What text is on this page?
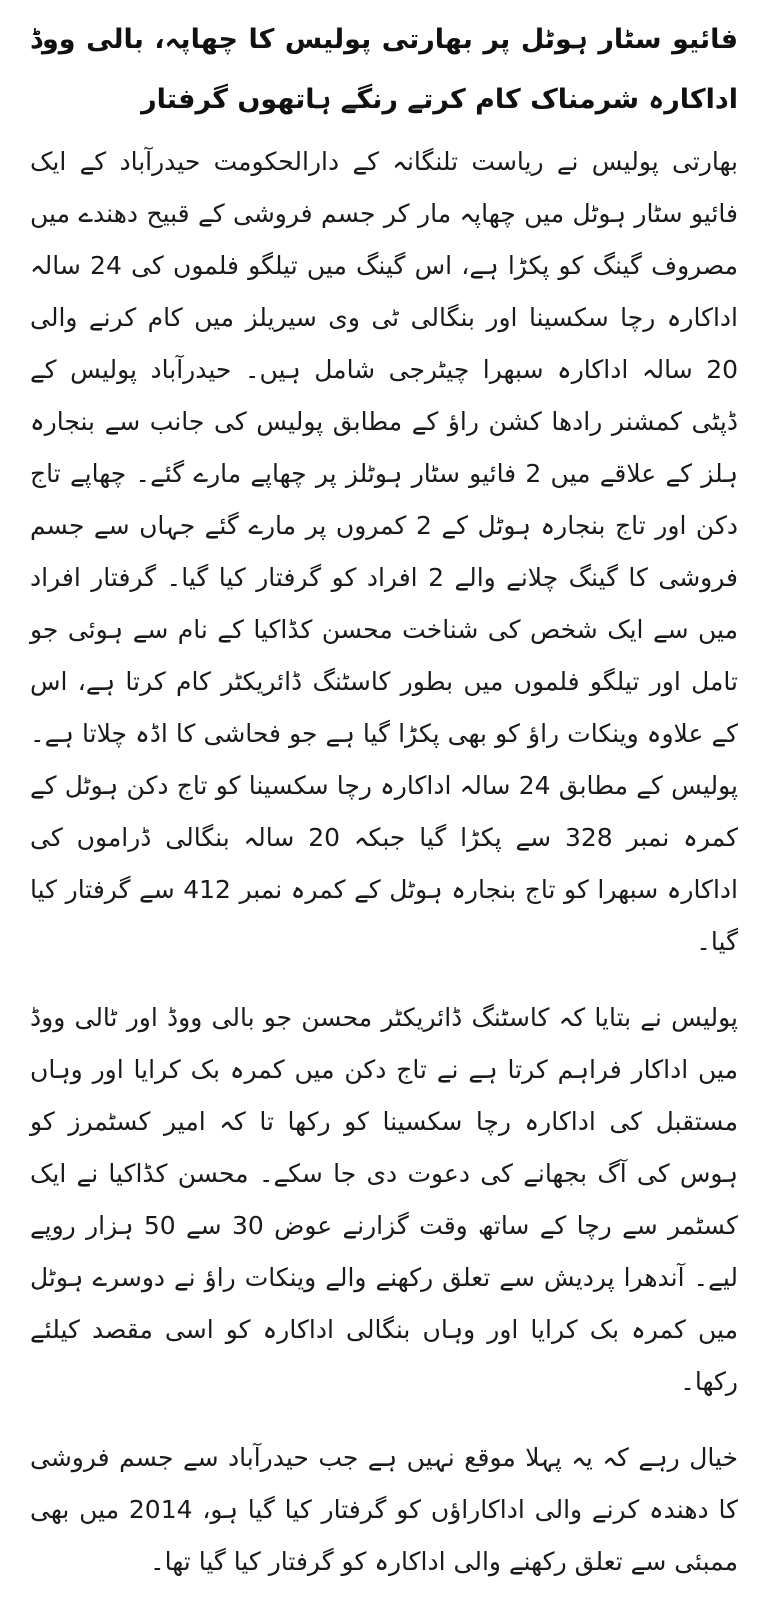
فائیو سٹار ہوٹل پر بھارتی پولیس کا چھاپہ، بالی ووڈ اداکارہ شرمناک کام کرتے رنگے ہاتھوں گرفتار

بھارتی پولیس نے ریاست تلنگانہ کے دارالحکومت حیدرآباد کے ایک فائیو سٹار ہوٹل میں چھاپہ مار کر جسم فروشی کے قبیح دھندے میں مصروف گینگ کو پکڑا ہے، اس گینگ میں تیلگو فلموں کی 24 سالہ اداکارہ رچا سکسینا اور بنگالی ٹی وی سیریلز میں کام کرنے والی 20 سالہ اداکارہ سبھرا چیٹرجی شامل ہیں۔ حیدرآباد پولیس کے ڈپٹی کمشنر رادھا کشن راؤ کے مطابق پولیس کی جانب سے بنجارہ ہلز کے علاقے میں 2 فائیو سٹار ہوٹلز پر چھاپے مارے گئے۔ چھاپے تاج دکن اور تاج بنجارہ ہوٹل کے 2 کمروں پر مارے گئے جہاں سے جسم فروشی کا گینگ چلانے والے 2 افراد کو گرفتار کیا گیا۔ گرفتار افراد میں سے ایک شخص کی شناخت محسن کڈاکیا کے نام سے ہوئی جو تامل اور تیلگو فلموں میں بطور کاسٹنگ ڈائریکٹر کام کرتا ہے، اس کے علاوہ وینکات راؤ کو بھی پکڑا گیا ہے جو فحاشی کا اڈہ چلاتا ہے۔ پولیس کے مطابق 24 سالہ اداکارہ رچا سکسینا کو تاج دکن ہوٹل کے کمرہ نمبر 328 سے پکڑا گیا جبکہ 20 سالہ بنگالی ڈراموں کی اداکارہ سبھرا کو تاج بنجارہ ہوٹل کے کمرہ نمبر 412 سے گرفتار کیا گیا۔

پولیس نے بتایا کہ کاسٹنگ ڈائریکٹر محسن جو بالی ووڈ اور ٹالی ووڈ میں اداکار فراہم کرتا ہے نے تاج دکن میں کمرہ بک کرایا اور وہاں مستقبل کی اداکارہ رچا سکسینا کو رکھا تا کہ امیر کسٹمرز کو ہوس کی آگ بجھانے کی دعوت دی جا سکے۔ محسن کڈاکیا نے ایک کسٹمر سے رچا کے ساتھ وقت گزارنے عوض 30 سے 50 ہزار روپے لیے۔ آندھرا پردیش سے تعلق رکھنے والے وینکات راؤ نے دوسرے ہوٹل میں کمرہ بک کرایا اور وہاں بنگالی اداکارہ کو اسی مقصد کیلئے رکھا۔

خیال رہے کہ یہ پہلا موقع نہیں ہے جب حیدرآباد سے جسم فروشی کا دھندہ کرنے والی اداکاراؤں کو گرفتار کیا گیا ہو، 2014 میں بھی ممبئی سے تعلق رکھنے والی اداکارہ کو گرفتار کیا گیا تھا۔
